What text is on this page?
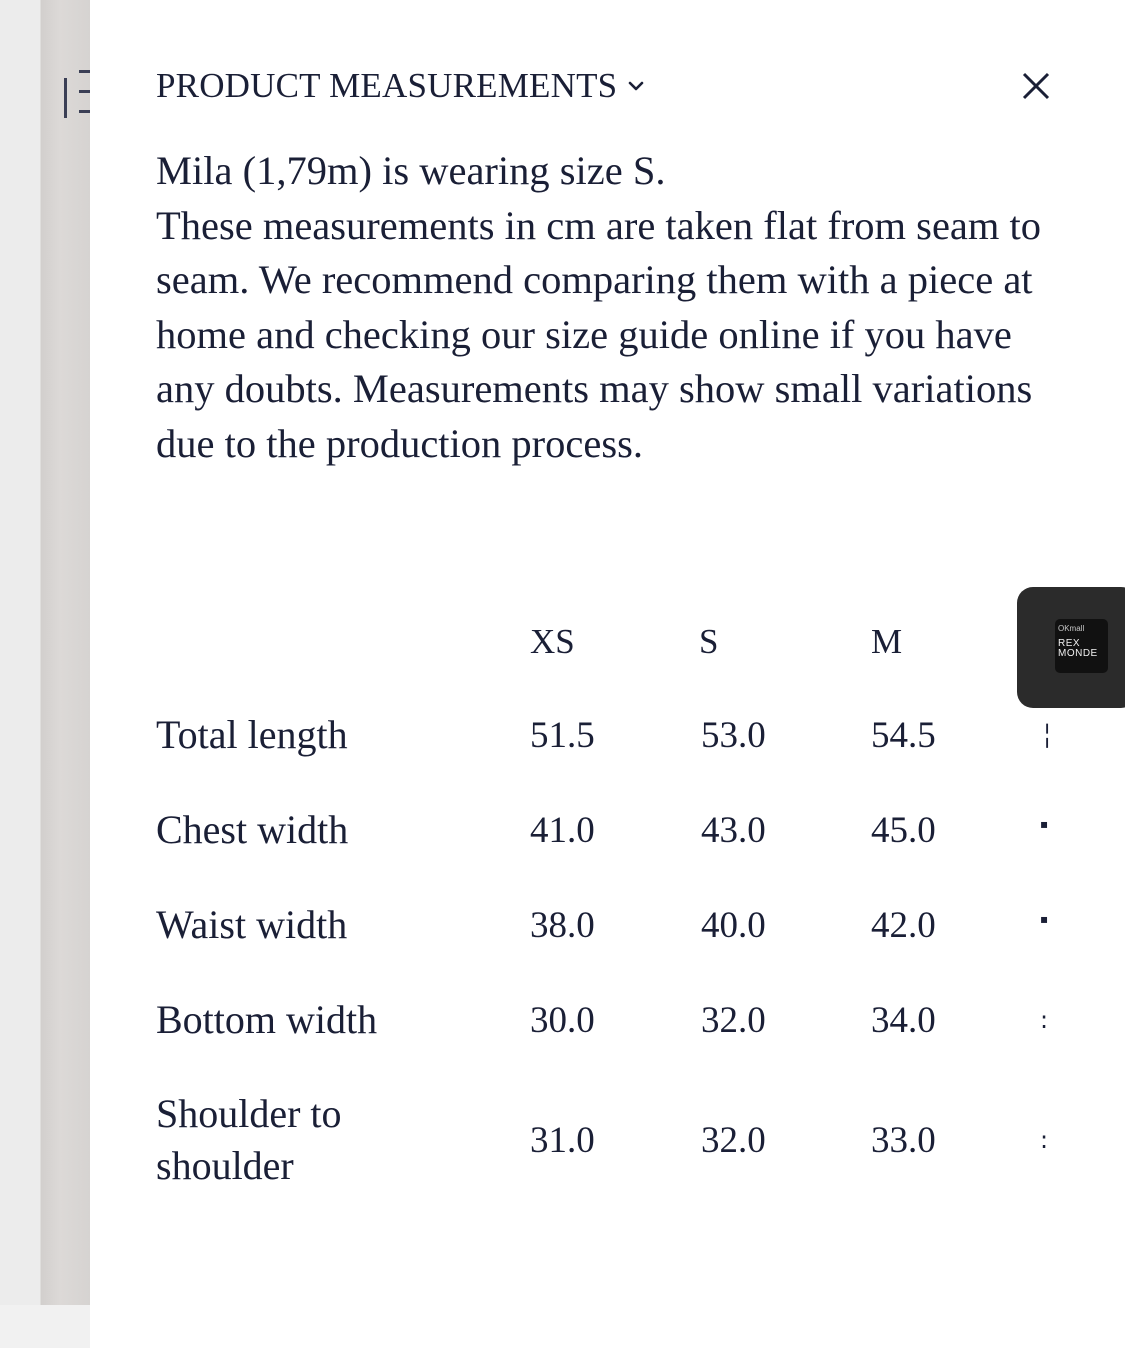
PRODUCT MEASUREMENTS

Mila (1,79m) is wearing size S.

These measurements in cm are taken flat from seam to seam. We recommend comparing them with a piece at home and checking our size guide online if you have any doubts. Measurements may show small variations due to the production process.

XS	S	M
Total length	51.5	53.0	54.5
Chest width	41.0	43.0	45.0
Waist width	38.0	40.0	42.0
Bottom width	30.0	32.0	34.0
Shoulder to shoulder
31.0	32.0	33.0
╎
▪
▪
:
:
OKmall
REX MONDE
